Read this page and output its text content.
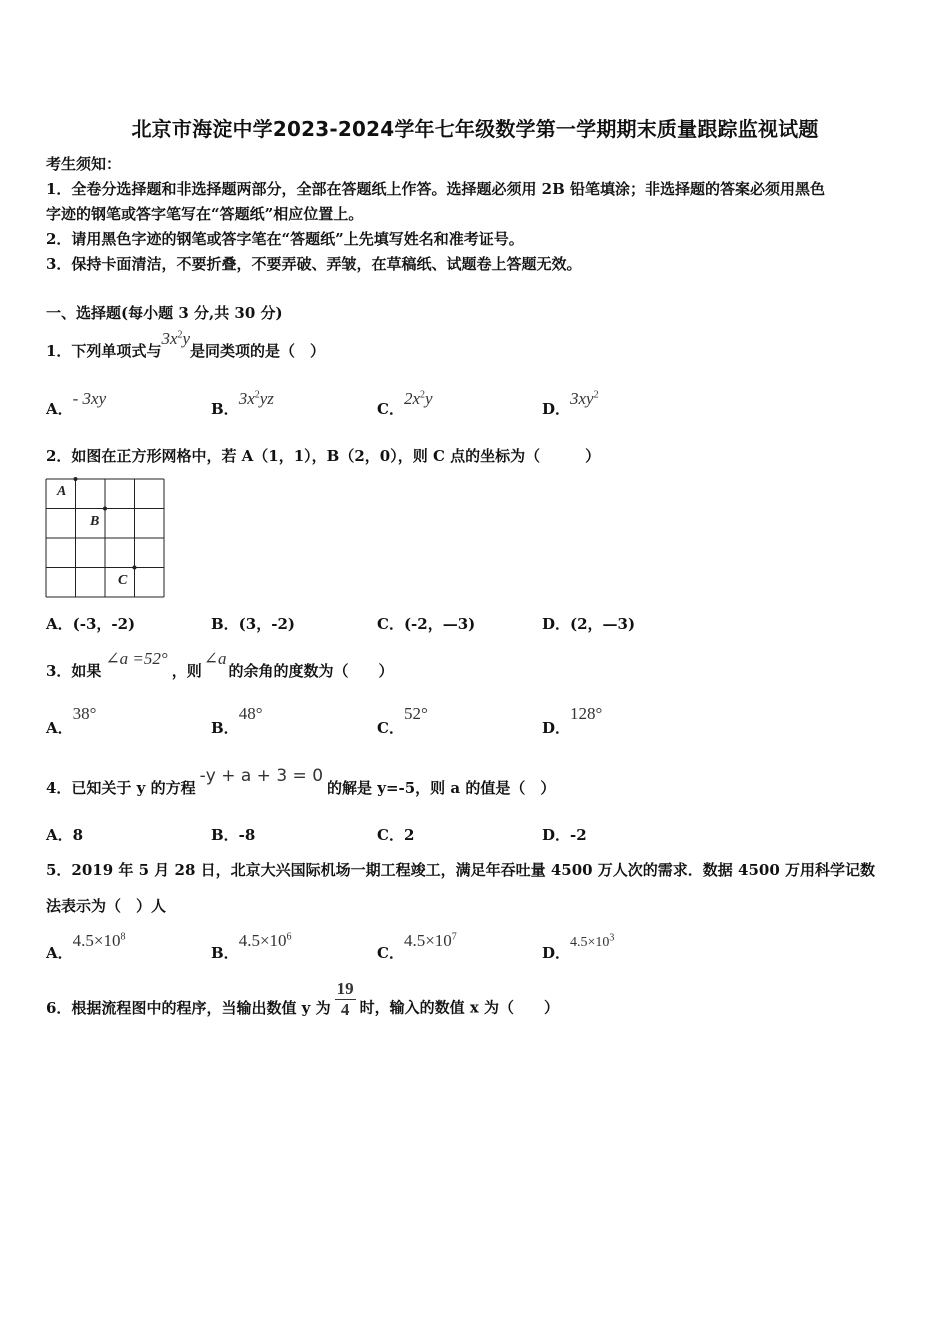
北京市海淀中学2023-2024学年七年级数学第一学期期末质量跟踪监视试题
考生须知：
1．全卷分选择题和非选择题两部分，全部在答题纸上作答。选择题必须用 2B 铅笔填涂；非选择题的答案必须用黑色
字迹的钢笔或答字笔写在“答题纸”相应位置上。
2．请用黑色字迹的钢笔或答字笔在“答题纸”上先填写姓名和准考证号。
3．保持卡面清洁，不要折叠，不要弄破、弄皱，在草稿纸、试题卷上答题无效。
一、选择题(每小题 3 分,共 30 分)
1．下列单项式与$3x^2y$是同类项的是（　）
A．- 3xy
B．$3x^2yz$
C．$2x^2y$
D．$3xy^2$
2．如图在正方形网格中，若 A（1，1），B（2，0），则 C 点的坐标为（　　　）
A
B
C
A．(-3，-2)	B．(3，-2)	C．(-2，—3)	D．(2，—3)
3．如果∠a =52°，则∠a的余角的度数为（　　）
A．38°
B．48°
C．52°
D．128°
4．已知关于 y 的方程-y + a + 3 = 0的解是 y=-5，则 a 的值是（　）
A．8	B．-8	C．2	D．-2
5．2019 年 5 月 28 日，北京大兴国际机场一期工程竣工，满足年吞吐量 4500 万人次的需求．数据 4500 万用科学记数
法表示为（　）人
A．$4.5\times 10^8$
B．$4.5\times 10^6$
C．$4.5\times 10^7$
D．$4.5\times 10^3$
6．根据流程图中的程序，当输出数值 y 为 $\frac{19}{4}$ 时，输入的数值 x 为（　　）
